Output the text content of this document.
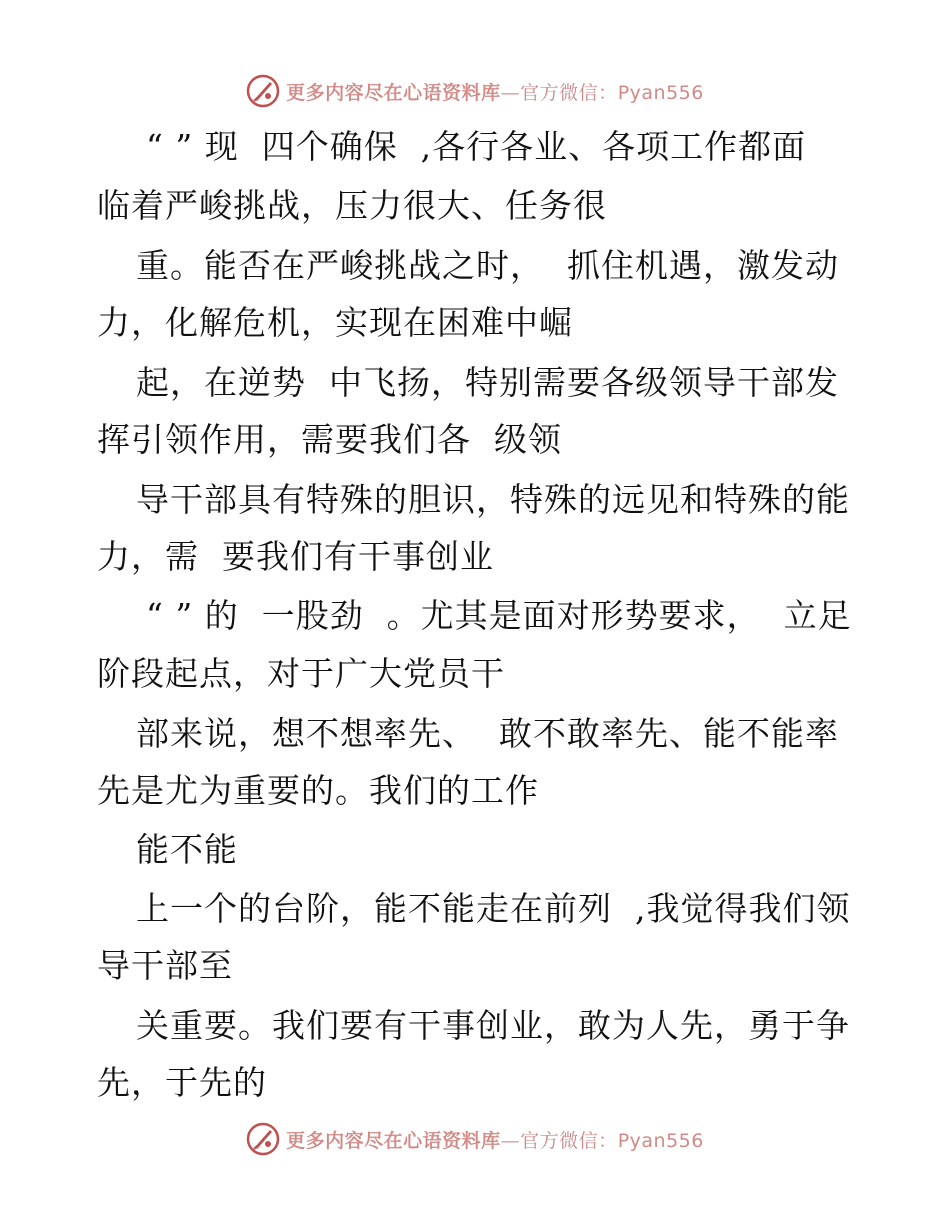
更多内容尽在心语资料库—官方微信：Pyan556
“ ” 现  四个确保  ,各行各业、各项工作都面
临着严峻挑战，压力很大、任务很
重。能否在严峻挑战之时，  抓住机遇，激发动
力，化解危机，实现在困难中崛
起，在逆势  中飞扬，特别需要各级领导干部发
挥引领作用，需要我们各  级领
导干部具有特殊的胆识，特殊的远见和特殊的能
力，需  要我们有干事创业
“ ” 的  一股劲  。尤其是面对形势要求，  立足
阶段起点，对于广大党员干
部来说，想不想率先、  敢不敢率先、能不能率
先是尤为重要的。我们的工作
能不能
上一个的台阶，能不能走在前列  ,我觉得我们领
导干部至
关重要。我们要有干事创业，敢为人先，勇于争
先，于先的
更多内容尽在心语资料库—官方微信：Pyan556
